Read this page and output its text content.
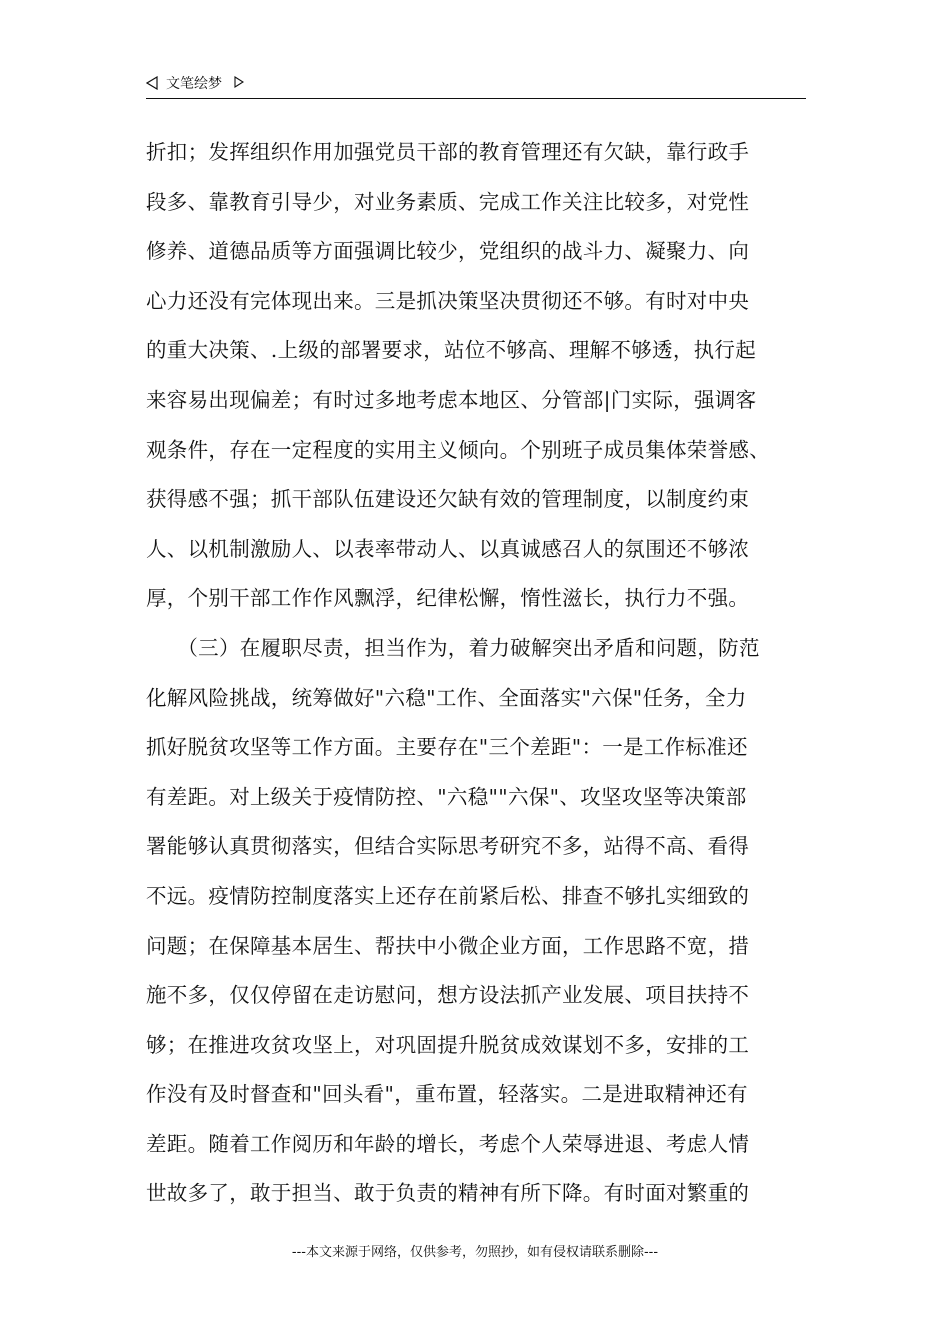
文笔绘梦
折扣；发挥组织作用加强党员干部的教育管理还有欠缺，靠行政手
段多、靠教育引导少，对业务素质、完成工作关注比较多，对党性
修养、道德品质等方面强调比较少，党组织的战斗力、凝聚力、向
心力还没有完体现出来。三是抓决策坚决贯彻还不够。有时对中央
的重大决策、.上级的部署要求，站位不够高、理解不够透，执行起
来容易出现偏差；有时过多地考虑本地区、分管部|门实际，强调客
观条件，存在一定程度的实用主义倾向。个别班子成员集体荣誉感、
获得感不强；抓干部队伍建设还欠缺有效的管理制度，以制度约束
人、以机制激励人、以表率带动人、以真诚感召人的氛围还不够浓
厚，个别干部工作作风飘浮，纪律松懈，惰性滋长，执行力不强。
　　（三）在履职尽责，担当作为，着力破解突出矛盾和问题，防范
化解风险挑战，统筹做好"六稳"工作、全面落实"六保"任务，全力
抓好脱贫攻坚等工作方面。主要存在"三个差距"：一是工作标准还
有差距。对上级关于疫情防控、"六稳""六保"、攻坚攻坚等决策部
署能够认真贯彻落实，但结合实际思考研究不多，站得不高、看得
不远。疫情防控制度落实上还存在前紧后松、排查不够扎实细致的
问题；在保障基本居生、帮扶中小微企业方面，工作思路不宽，措
施不多，仅仅停留在走访慰问，想方设法抓产业发展、项目扶持不
够；在推进攻贫攻坚上，对巩固提升脱贫成效谋划不多，安排的工
作没有及时督查和"回头看"，重布置，轻落实。二是进取精神还有
差距。随着工作阅历和年龄的增长，考虑个人荣辱进退、考虑人情
世故多了，敢于担当、敢于负责的精神有所下降。有时面对繁重的
---本文来源于网络，仅供参考，勿照抄，如有侵权请联系删除---
